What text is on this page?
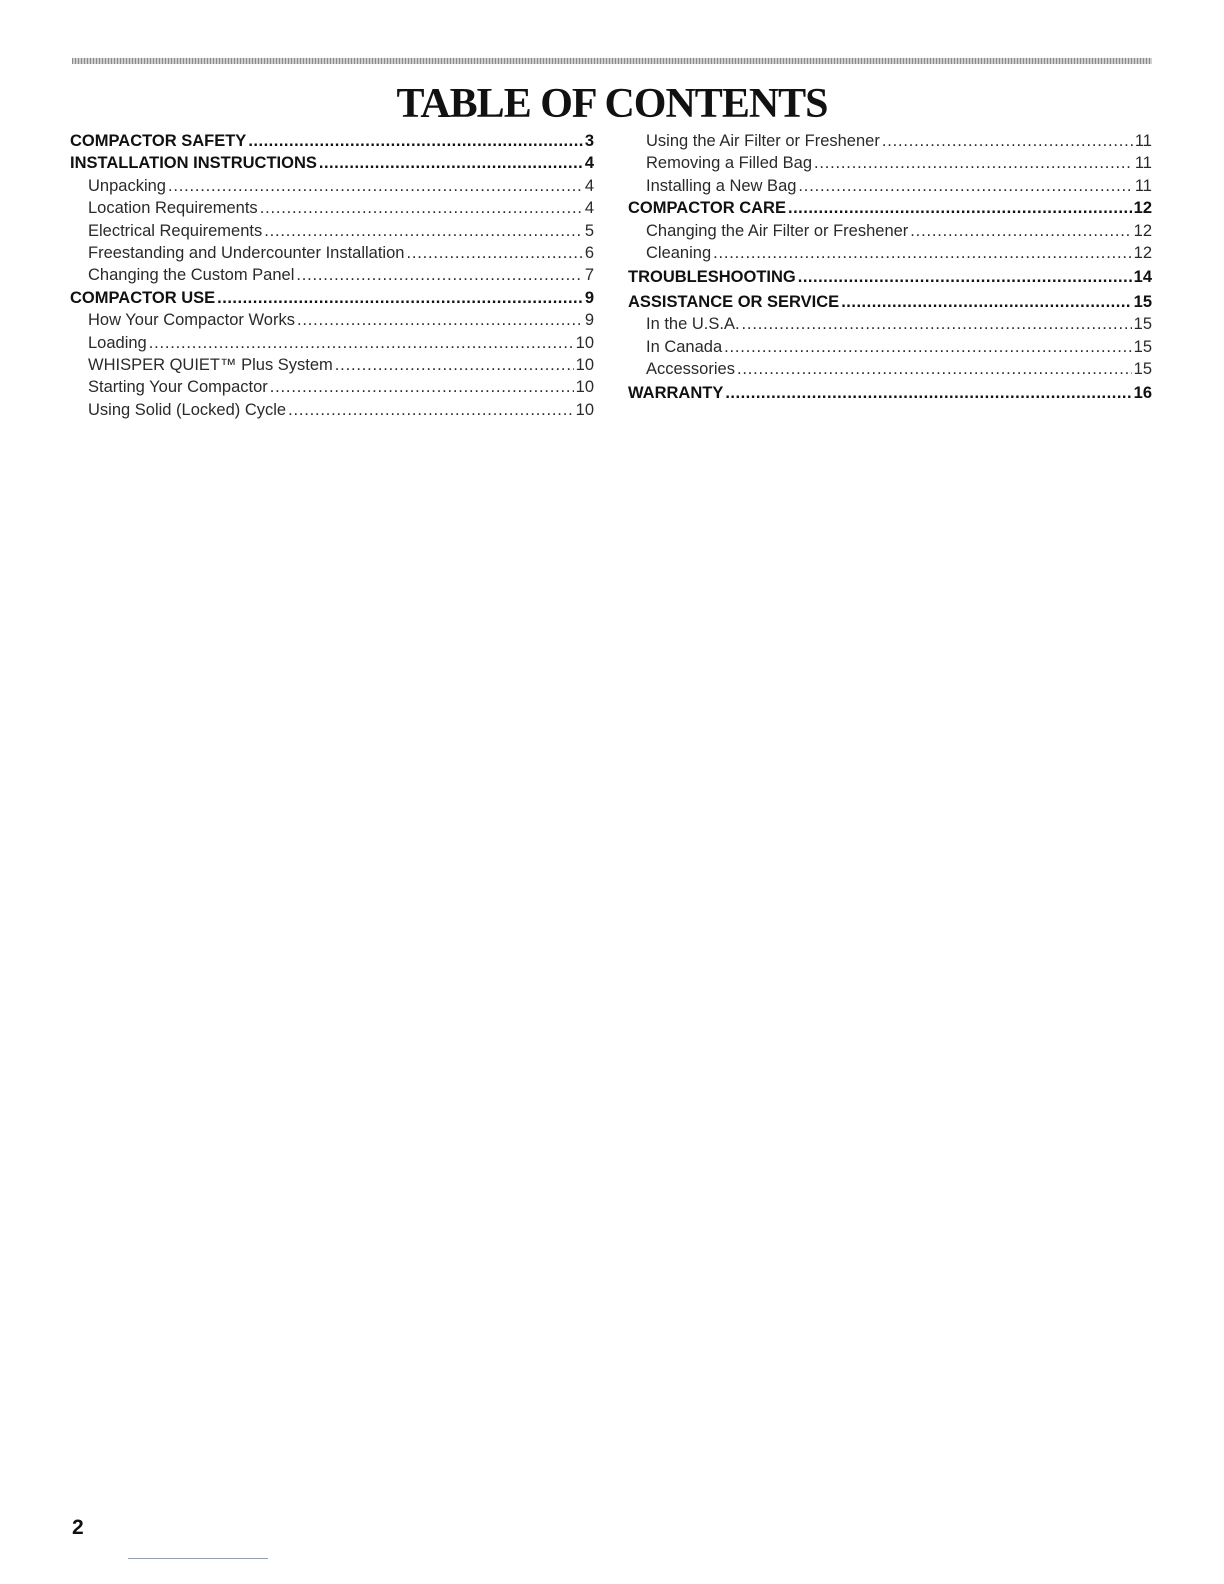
TABLE OF CONTENTS
COMPACTOR SAFETY .....	3
INSTALLATION INSTRUCTIONS .....	4
Unpacking .....	4
Location Requirements .....	4
Electrical Requirements .....	5
Freestanding and Undercounter Installation .....	6
Changing the Custom Panel .....	7
COMPACTOR USE .....	9
How Your Compactor Works .....	9
Loading .....	10
WHISPER QUIET™ Plus System .....	10
Starting Your Compactor .....	10
Using Solid (Locked) Cycle .....	10
Using the Air Filter or Freshener .....	11
Removing a Filled Bag .....	11
Installing a New Bag .....	11
COMPACTOR CARE .....	12
Changing the Air Filter or Freshener .....	12
Cleaning .....	12
TROUBLESHOOTING .....	14
ASSISTANCE OR SERVICE .....	15
In the U.S.A. .....	15
In Canada .....	15
Accessories .....	15
WARRANTY .....	16
2
